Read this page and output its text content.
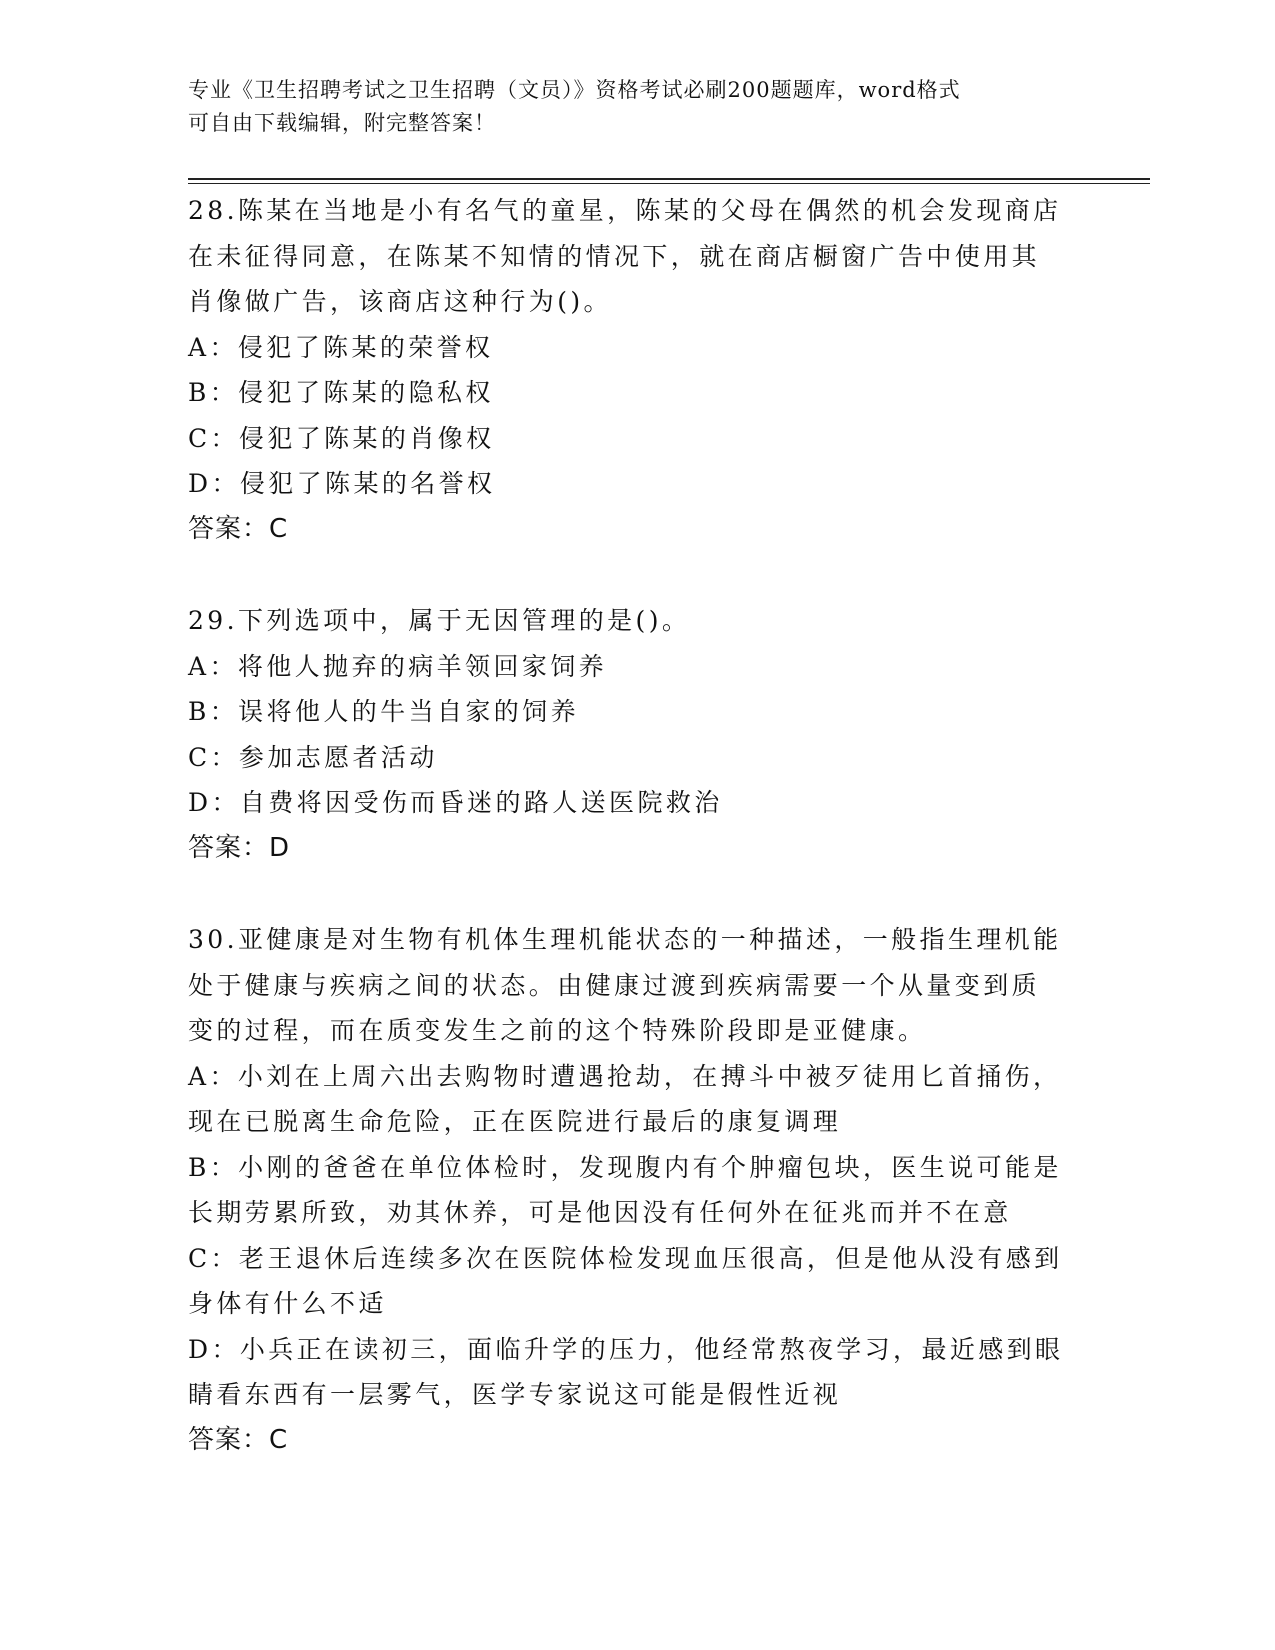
专业《卫生招聘考试之卫生招聘（文员）》资格考试必刷200题题库，word格式
可自由下载编辑，附完整答案！
28.陈某在当地是小有名气的童星，陈某的父母在偶然的机会发现商店
在未征得同意，在陈某不知情的情况下，就在商店橱窗广告中使用其
肖像做广告，该商店这种行为()。
A：侵犯了陈某的荣誉权
B：侵犯了陈某的隐私权
C：侵犯了陈某的肖像权
D：侵犯了陈某的名誉权
答案：C
29.下列选项中，属于无因管理的是()。
A：将他人抛弃的病羊领回家饲养
B：误将他人的牛当自家的饲养
C：参加志愿者活动
D：自费将因受伤而昏迷的路人送医院救治
答案：D
30.亚健康是对生物有机体生理机能状态的一种描述，一般指生理机能
处于健康与疾病之间的状态。由健康过渡到疾病需要一个从量变到质
变的过程，而在质变发生之前的这个特殊阶段即是亚健康。
A：小刘在上周六出去购物时遭遇抢劫，在搏斗中被歹徒用匕首捅伤，
现在已脱离生命危险，正在医院进行最后的康复调理
B：小刚的爸爸在单位体检时，发现腹内有个肿瘤包块，医生说可能是
长期劳累所致，劝其休养，可是他因没有任何外在征兆而并不在意
C：老王退休后连续多次在医院体检发现血压很高，但是他从没有感到
身体有什么不适
D：小兵正在读初三，面临升学的压力，他经常熬夜学习，最近感到眼
睛看东西有一层雾气，医学专家说这可能是假性近视
答案：C
